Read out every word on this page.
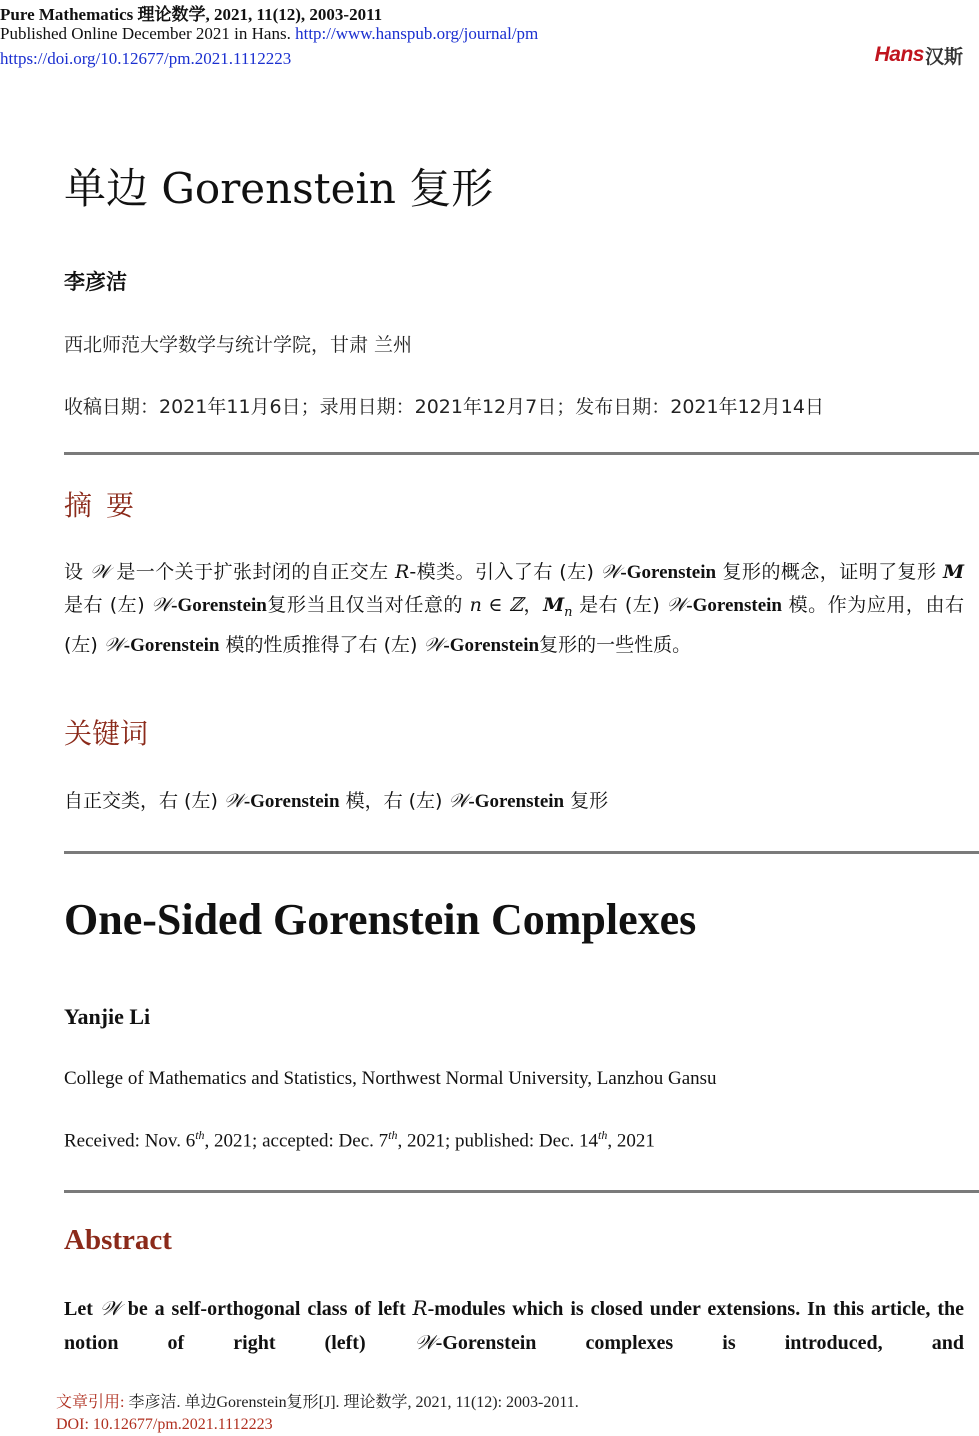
Pure Mathematics 理论数学, 2021, 11(12), 2003-2011
Published Online December 2021 in Hans. http://www.hanspub.org/journal/pm
https://doi.org/10.12677/pm.2021.1112223	Hans 汉斯
单边 Gorenstein 复形
李彦洁
西北师范大学数学与统计学院，甘肃 兰州
收稿日期：2021年11月6日；录用日期：2021年12月7日；发布日期：2021年12月14日
摘要
设 𝒲 是一个关于扩张封闭的自正交左 R-模类。引入了右 (左) 𝒲-Gorenstein 复形的概念，证明了复形 M 是右 (左) 𝒲-Gorenstein复形当且仅当对任意的 n ∈ ℤ，$M_n$ 是右 (左) 𝒲-Gorenstein 模。作为应用，由右 (左) 𝒲-Gorenstein 模的性质推得了右 (左) 𝒲-Gorenstein复形的一些性质。
关键词
自正交类，右 (左) 𝒲-Gorenstein 模，右 (左) 𝒲-Gorenstein 复形
One-Sided Gorenstein Complexes
Yanjie Li
College of Mathematics and Statistics, Northwest Normal University, Lanzhou Gansu
Received: Nov. 6th, 2021; accepted: Dec. 7th, 2021; published: Dec. 14th, 2021
Abstract
Let 𝒲 be a self-orthogonal class of left R-modules which is closed under extensions. In this article, the notion of right (left) 𝒲-Gorenstein complexes is introduced, and
文章引用: 李彦洁. 单边Gorenstein复形[J]. 理论数学, 2021, 11(12): 2003-2011.
DOI: 10.12677/pm.2021.1112223
